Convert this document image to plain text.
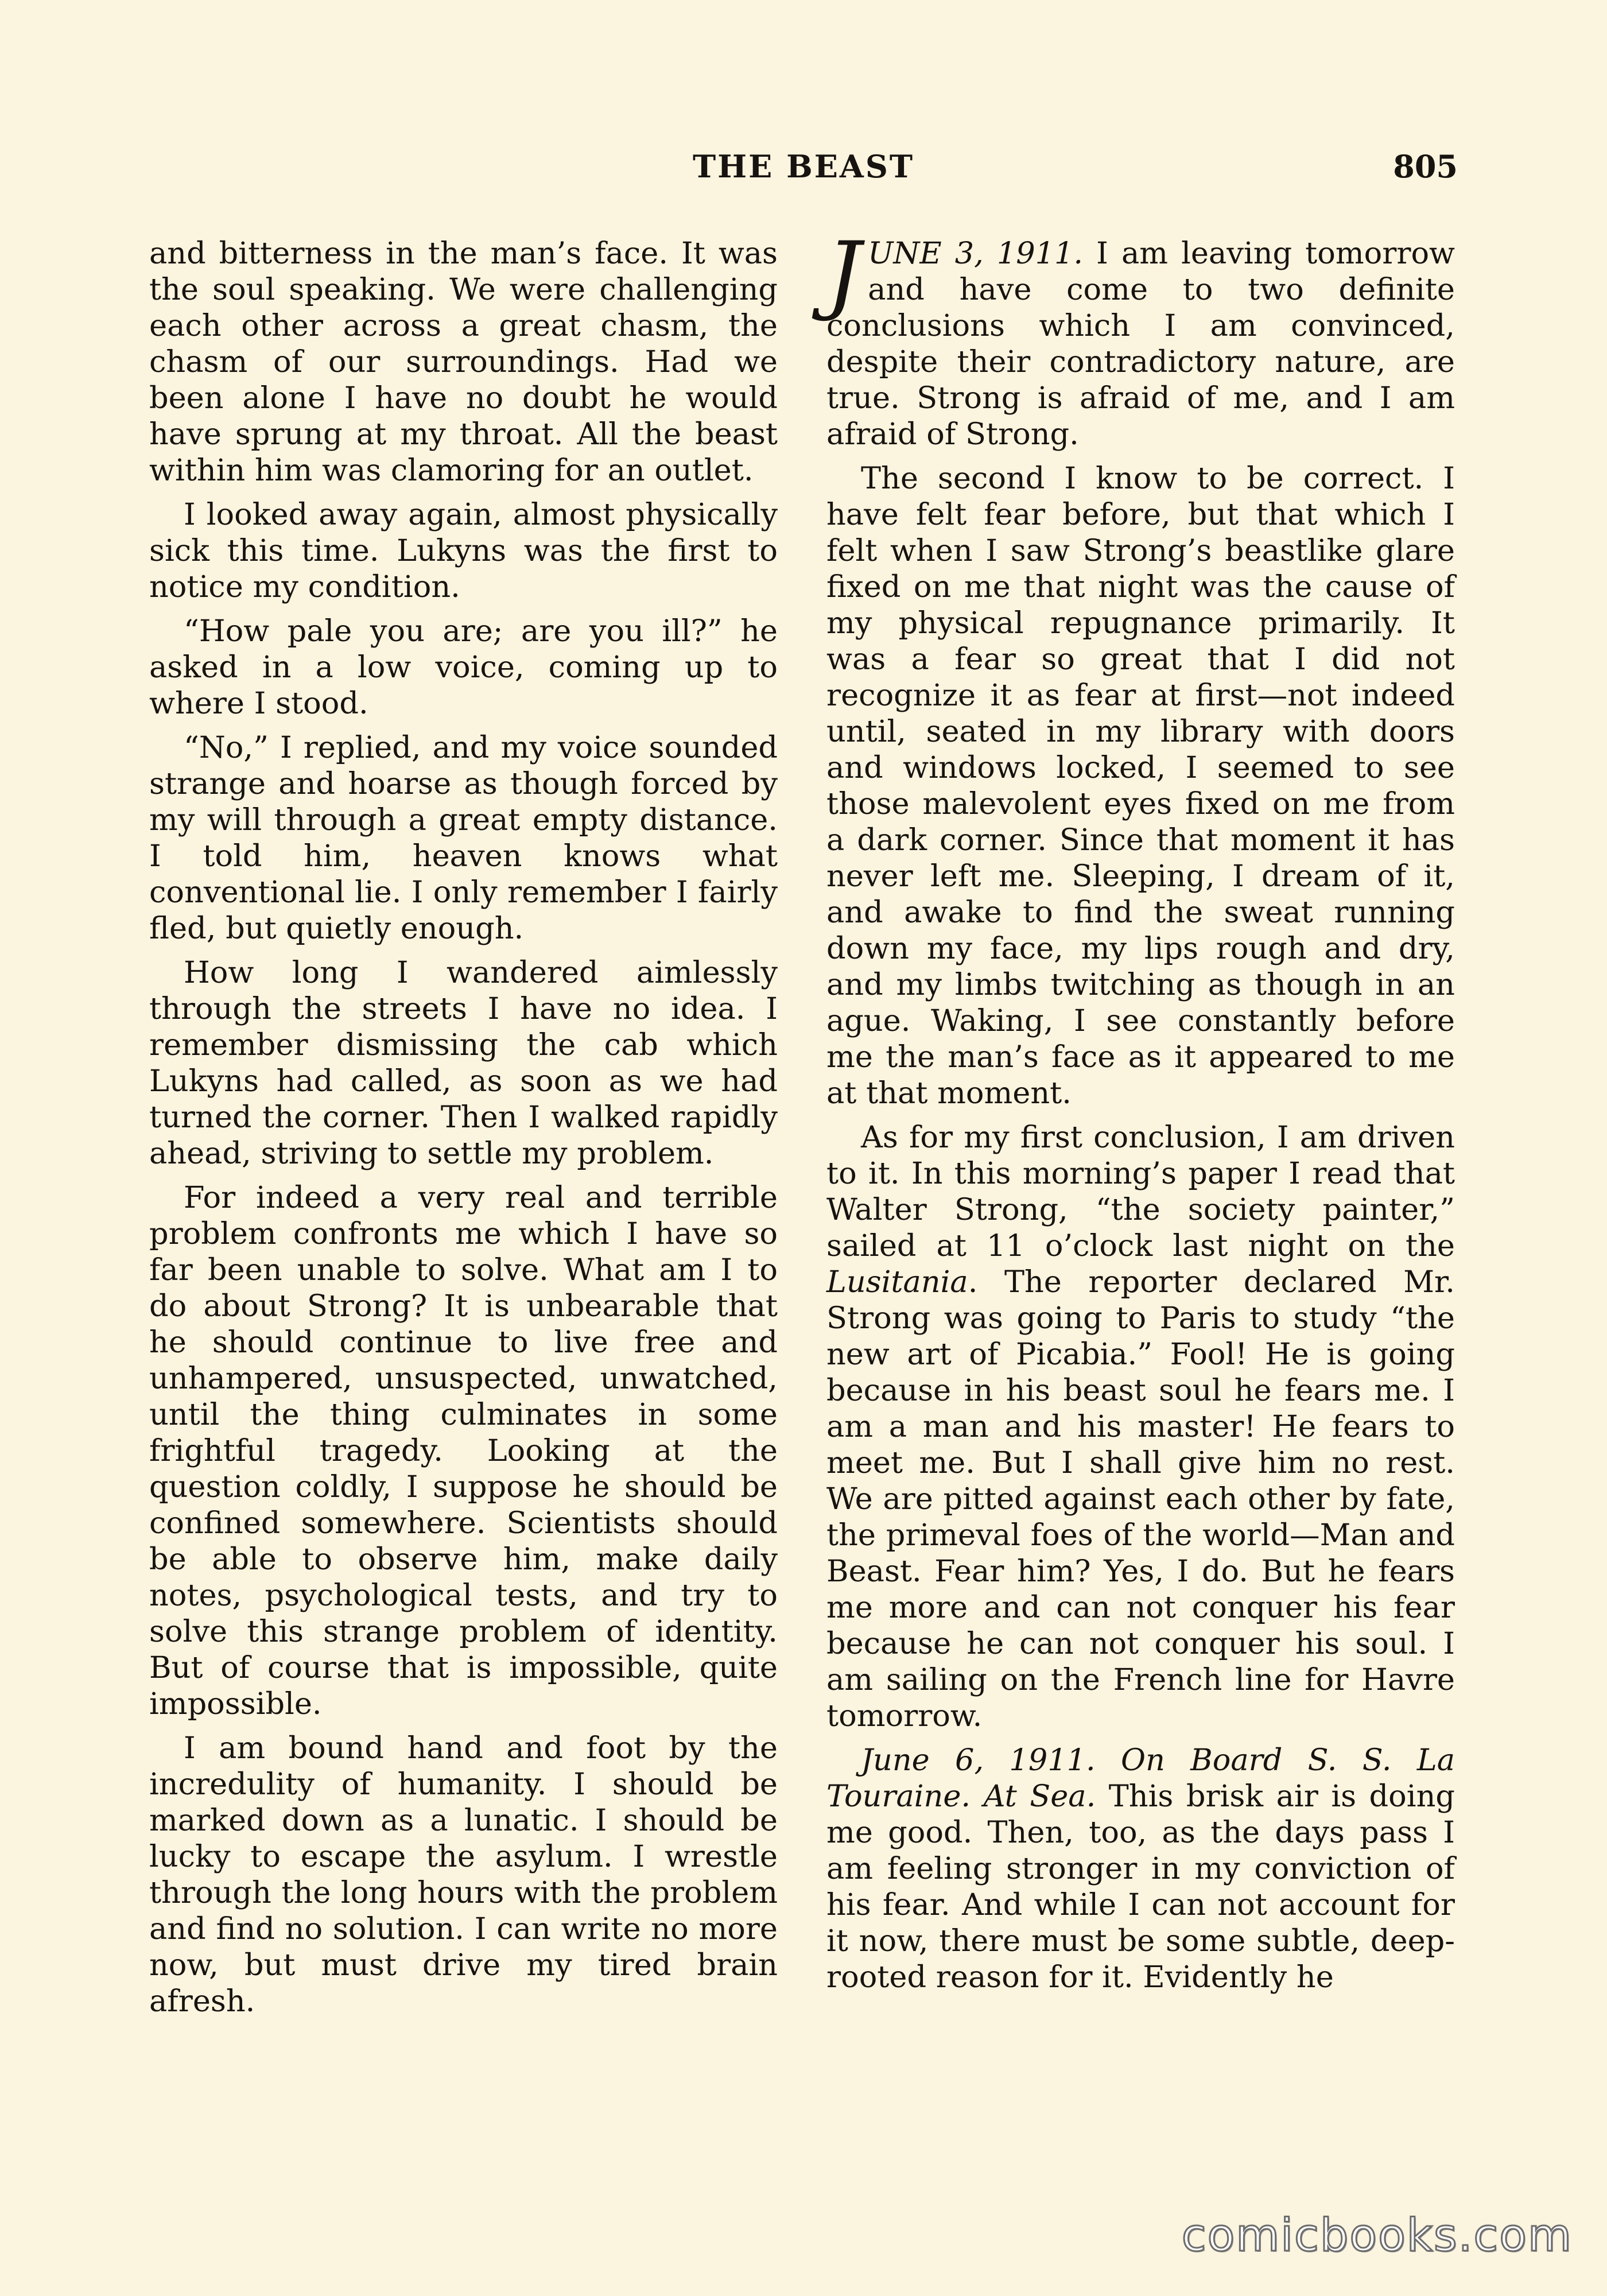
THE BEAST	805

and bitterness in the man’s face. It was the soul speaking. We were challenging each other across a great chasm, the chasm of our surroundings. Had we been alone I have no doubt he would have sprung at my throat. All the beast within him was clamoring for an outlet.

I looked away again, almost physically sick this time. Lukyns was the first to notice my condition.

“How pale you are; are you ill?” he asked in a low voice, coming up to where I stood.

“No,” I replied, and my voice sounded strange and hoarse as though forced by my will through a great empty distance. I told him, heaven knows what conventional lie. I only remember I fairly fled, but quietly enough.

How long I wandered aimlessly through the streets I have no idea. I remember dismissing the cab which Lukyns had called, as soon as we had turned the corner. Then I walked rapidly ahead, striving to settle my problem.

For indeed a very real and terrible problem confronts me which I have so far been unable to solve. What am I to do about Strong? It is unbearable that he should continue to live free and unhampered, unsuspected, unwatched, until the thing culminates in some frightful tragedy. Looking at the question coldly, I suppose he should be confined somewhere. Scientists should be able to observe him, make daily notes, psychological tests, and try to solve this strange problem of identity. But of course that is impossible, quite impossible.

I am bound hand and foot by the incredulity of humanity. I should be marked down as a lunatic. I should be lucky to escape the asylum. I wrestle through the long hours with the problem and find no solution. I can write no more now, but must drive my tired brain afresh.

JUNE 3, 1911. I am leaving tomorrow and have come to two definite conclusions which I am convinced, despite their contradictory nature, are true. Strong is afraid of me, and I am afraid of Strong.

The second I know to be correct. I have felt fear before, but that which I felt when I saw Strong’s beastlike glare fixed on me that night was the cause of my physical repugnance primarily. It was a fear so great that I did not recognize it as fear at first—not indeed until, seated in my library with doors and windows locked, I seemed to see those malevolent eyes fixed on me from a dark corner. Since that moment it has never left me. Sleeping, I dream of it, and awake to find the sweat running down my face, my lips rough and dry, and my limbs twitching as though in an ague. Waking, I see constantly before me the man’s face as it appeared to me at that moment.

As for my first conclusion, I am driven to it. In this morning’s paper I read that Walter Strong, “the society painter,” sailed at 11 o’clock last night on the Lusitania. The reporter declared Mr. Strong was going to Paris to study “the new art of Picabia.” Fool! He is going because in his beast soul he fears me. I am a man and his master! He fears to meet me. But I shall give him no rest. We are pitted against each other by fate, the primeval foes of the world—Man and Beast. Fear him? Yes, I do. But he fears me more and can not conquer his fear because he can not conquer his soul. I am sailing on the French line for Havre tomorrow.

June 6, 1911. On Board S. S. La Touraine. At Sea. This brisk air is doing me good. Then, too, as the days pass I am feeling stronger in my conviction of his fear. And while I can not account for it now, there must be some subtle, deep-rooted reason for it. Evidently he

comicbooks.com
